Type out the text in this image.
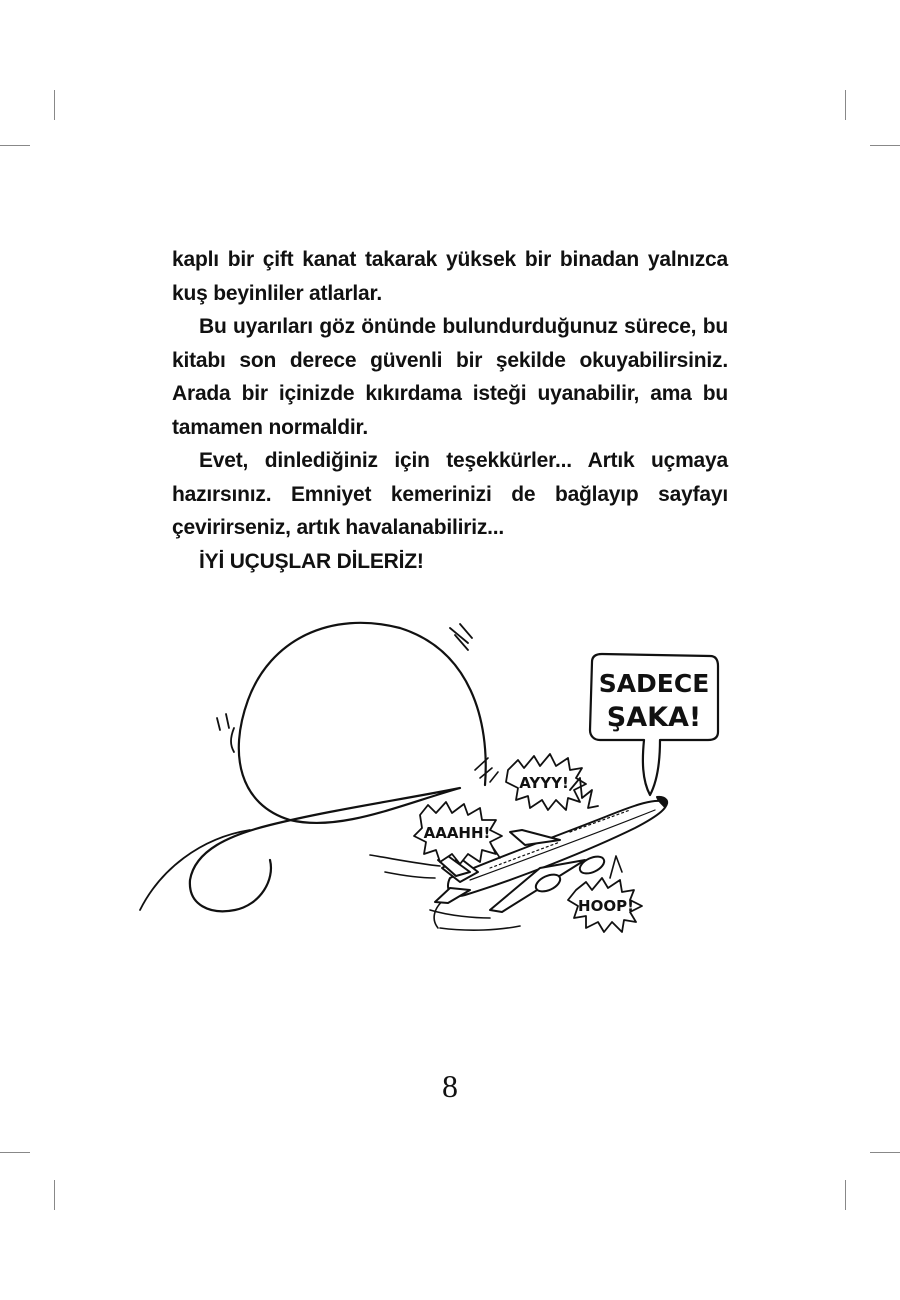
kaplı bir çift kanat takarak yüksek bir binadan yalnızca kuş beyinliler atlarlar.

Bu uyarıları göz önünde bulundurduğunuz sürece, bu kitabı son derece güvenli bir şekilde okuyabilirsiniz. Arada bir içinizde kıkırdama isteği uyanabilir, ama bu tamamen normaldir.

Evet, dinlediğiniz için teşekkürler... Artık uçmaya hazırsınız. Emniyet kemerinizi de bağlayıp sayfayı çevirirseniz, artık havalanabiliriz...

İYİ UÇUŞLAR DİLERİZ!

SADECE
ŞAKA!
AYYY!
AAAHH!
HOOP!
8
